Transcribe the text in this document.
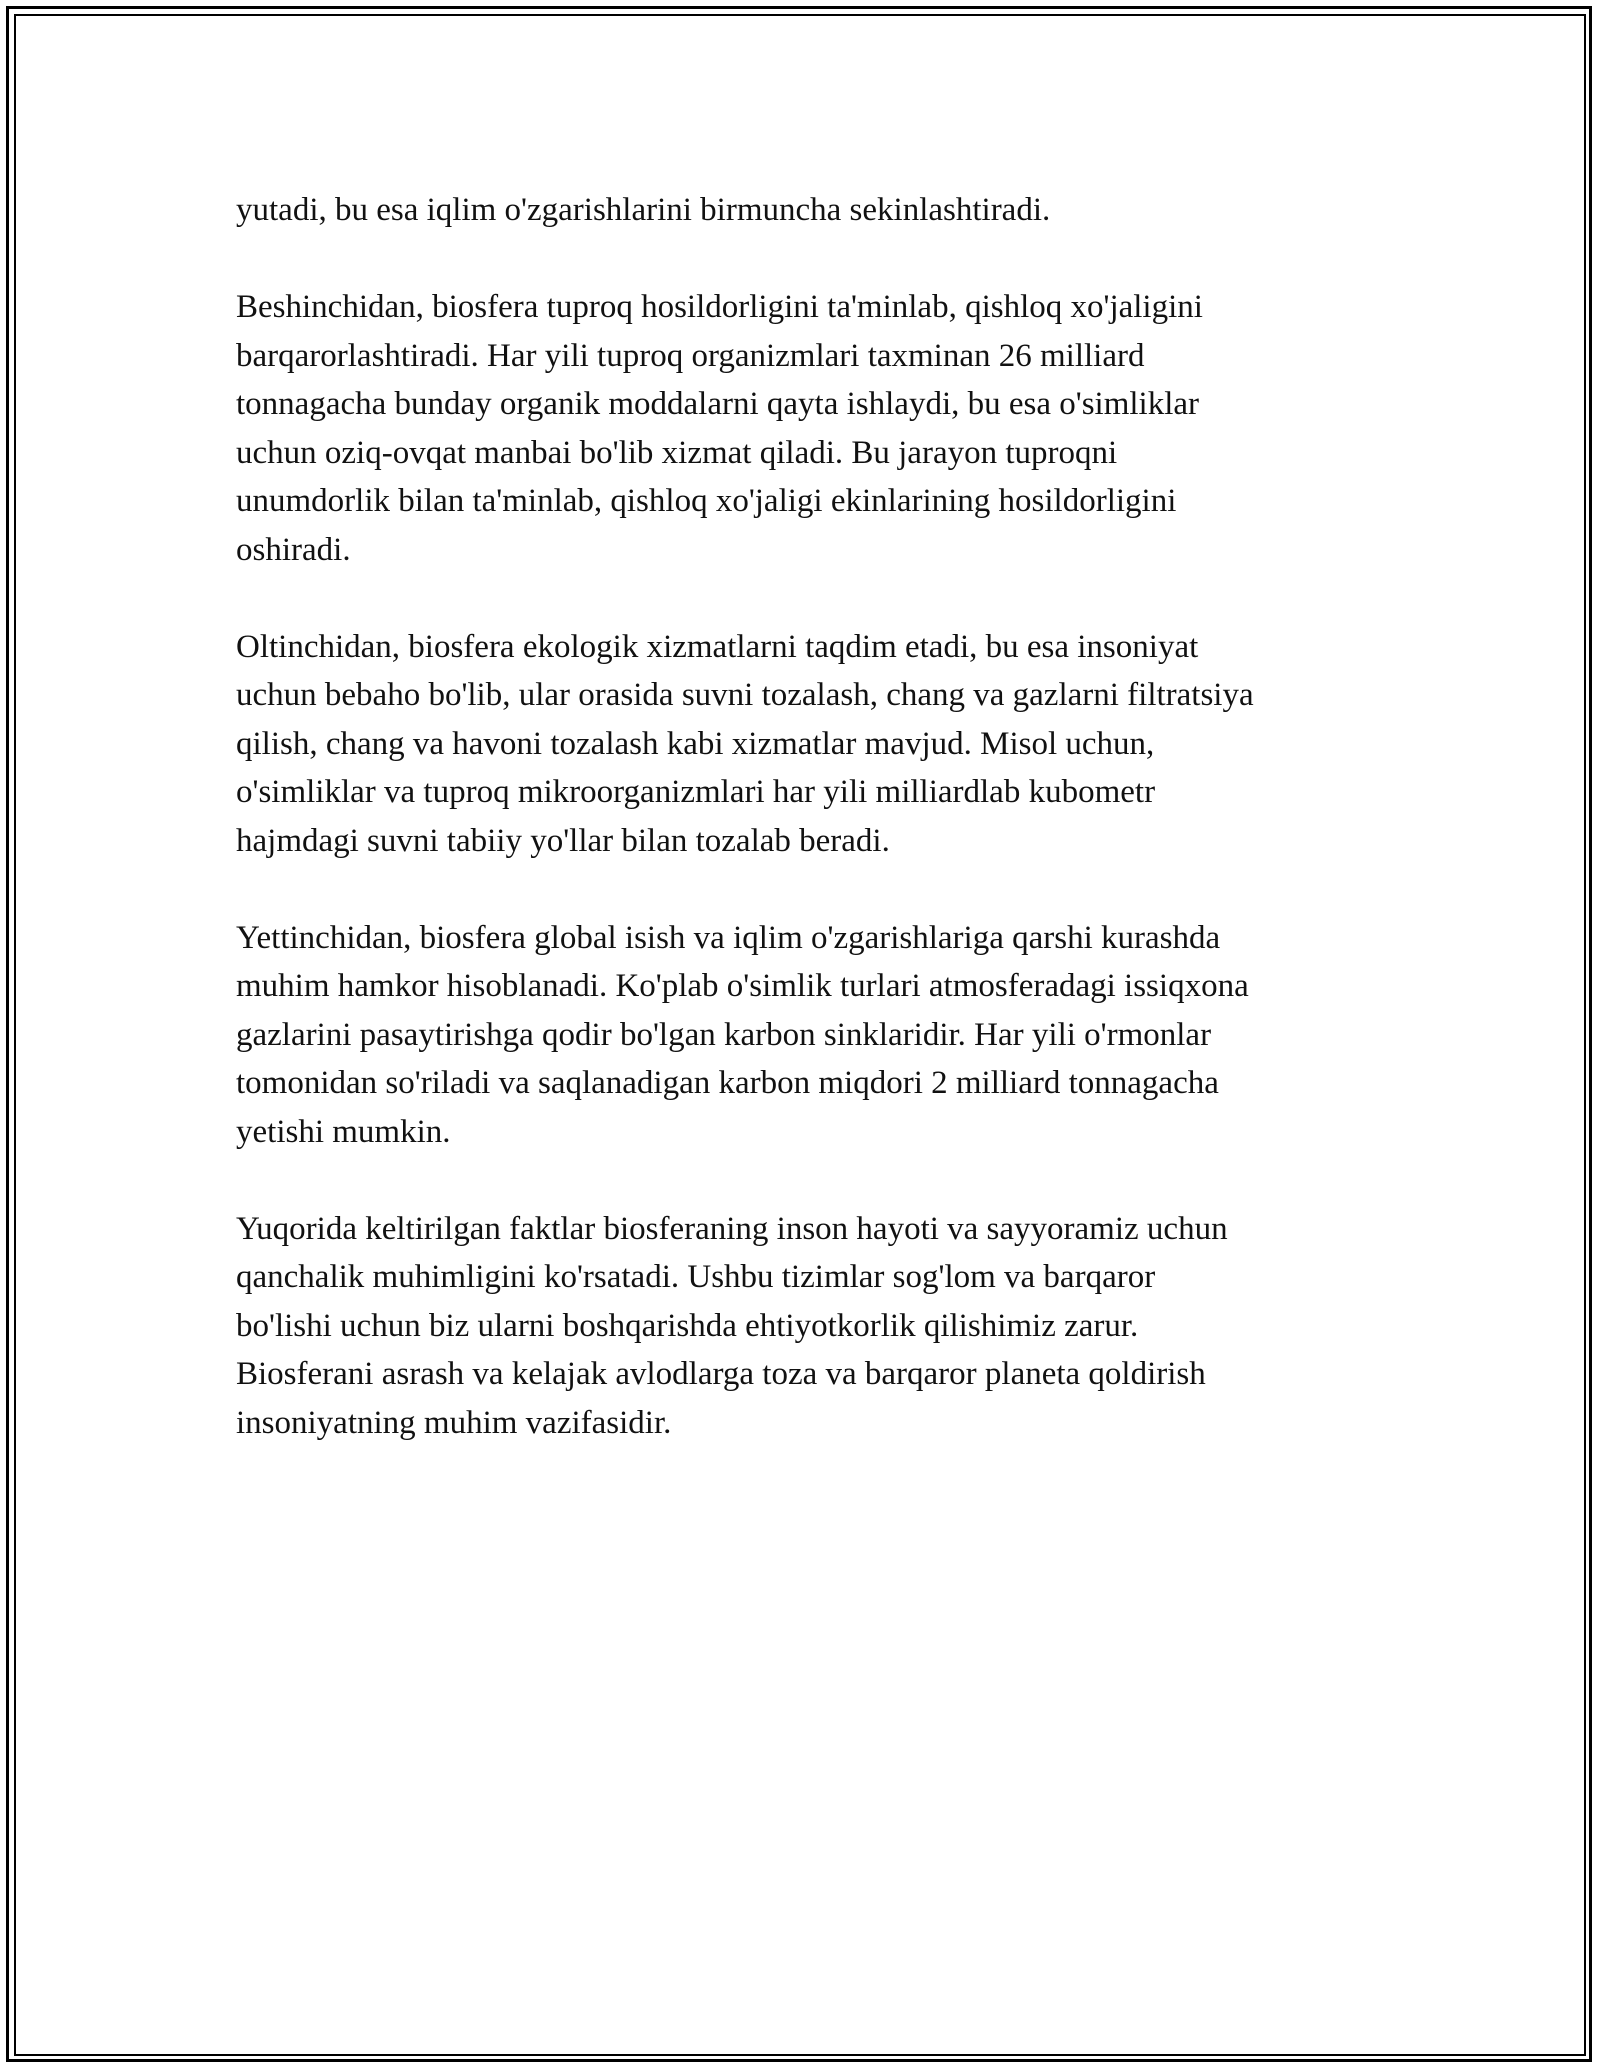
yutadi, bu esa iqlim o'zgarishlarini birmuncha sekinlashtiradi.

Beshinchidan, biosfera tuproq hosildorligini ta'minlab, qishloq xo'jaligini
barqarorlashtiradi. Har yili tuproq organizmlari taxminan 26 milliard
tonnagacha bunday organik moddalarni qayta ishlaydi, bu esa o'simliklar
uchun oziq-ovqat manbai bo'lib xizmat qiladi. Bu jarayon tuproqni
unumdorlik bilan ta'minlab, qishloq xo'jaligi ekinlarining hosildorligini
oshiradi.

Oltinchidan, biosfera ekologik xizmatlarni taqdim etadi, bu esa insoniyat
uchun bebaho bo'lib, ular orasida suvni tozalash, chang va gazlarni filtratsiya
qilish, chang va havoni tozalash kabi xizmatlar mavjud. Misol uchun,
o'simliklar va tuproq mikroorganizmlari har yili milliardlab kubometr
hajmdagi suvni tabiiy yo'llar bilan tozalab beradi.

Yettinchidan, biosfera global isish va iqlim o'zgarishlariga qarshi kurashda
muhim hamkor hisoblanadi. Ko'plab o'simlik turlari atmosferadagi issiqxona
gazlarini pasaytirishga qodir bo'lgan karbon sinklaridir. Har yili o'rmonlar
tomonidan so'riladi va saqlanadigan karbon miqdori 2 milliard tonnagacha
yetishi mumkin.

Yuqorida keltirilgan faktlar biosferaning inson hayoti va sayyoramiz uchun
qanchalik muhimligini ko'rsatadi. Ushbu tizimlar sog'lom va barqaror
bo'lishi uchun biz ularni boshqarishda ehtiyotkorlik qilishimiz zarur.
Biosferani asrash va kelajak avlodlarga toza va barqaror planeta qoldirish
insoniyatning muhim vazifasidir.
